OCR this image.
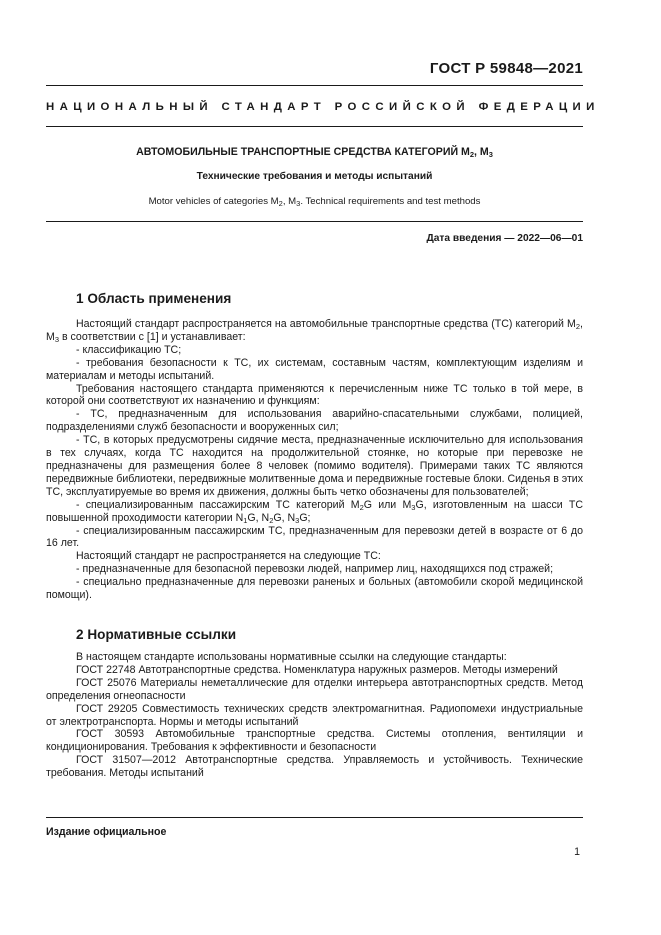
ГОСТ Р 59848—2021
НАЦИОНАЛЬНЫЙ СТАНДАРТ РОССИЙСКОЙ ФЕДЕРАЦИИ
АВТОМОБИЛЬНЫЕ ТРАНСПОРТНЫЕ СРЕДСТВА КАТЕГОРИЙ $M_2$, $M_3$
Технические требования и методы испытаний
Motor vehicles of categories $M_2$, $M_3$. Technical requirements and test methods
Дата введения — 2022—06—01
1 Область применения

Настоящий стандарт распространяется на автомобильные транспортные средства (ТС) категорий $M_2$, $M_3$ в соответствии с [1] и устанавливает:

- классификацию ТС;

- требования безопасности к ТС, их системам, составным частям, комплектующим изделиям и материалам и методы испытаний.

Требования настоящего стандарта применяются к перечисленным ниже ТС только в той мере, в которой они соответствуют их назначению и функциям:

- ТС, предназначенным для использования аварийно-спасательными службами, полицией, подразделениями служб безопасности и вооруженных сил;

- ТС, в которых предусмотрены сидячие места, предназначенные исключительно для использования в тех случаях, когда ТС находится на продолжительной стоянке, но которые при перевозке не предназначены для размещения более 8 человек (помимо водителя). Примерами таких ТС являются передвижные библиотеки, передвижные молитвенные дома и передвижные гостевые блоки. Сиденья в этих ТС, эксплуатируемые во время их движения, должны быть четко обозначены для пользователей;

- специализированным пассажирским ТС категорий $M_2G$ или $M_3G$, изготовленным на шасси ТС повышенной проходимости категории $N_1G$, $N_2G$, $N_3G$;

- специализированным пассажирским ТС, предназначенным для перевозки детей в возрасте от 6 до 16 лет.

Настоящий стандарт не распространяется на следующие ТС:

- предназначенные для безопасной перевозки людей, например лиц, находящихся под стражей;

- специально предназначенные для перевозки раненых и больных (автомобили скорой медицинской помощи).

2 Нормативные ссылки

В настоящем стандарте использованы нормативные ссылки на следующие стандарты:

ГОСТ 22748 Автотранспортные средства. Номенклатура наружных размеров. Методы измерений

ГОСТ 25076 Материалы неметаллические для отделки интерьера автотранспортных средств. Метод определения огнеопасности

ГОСТ 29205 Совместимость технических средств электромагнитная. Радиопомехи индустриальные от электротранспорта. Нормы и методы испытаний

ГОСТ 30593 Автомобильные транспортные средства. Системы отопления, вентиляции и кондиционирования. Требования к эффективности и безопасности

ГОСТ 31507—2012 Автотранспортные средства. Управляемость и устойчивость. Технические требования. Методы испытаний

Издание официальное
1
